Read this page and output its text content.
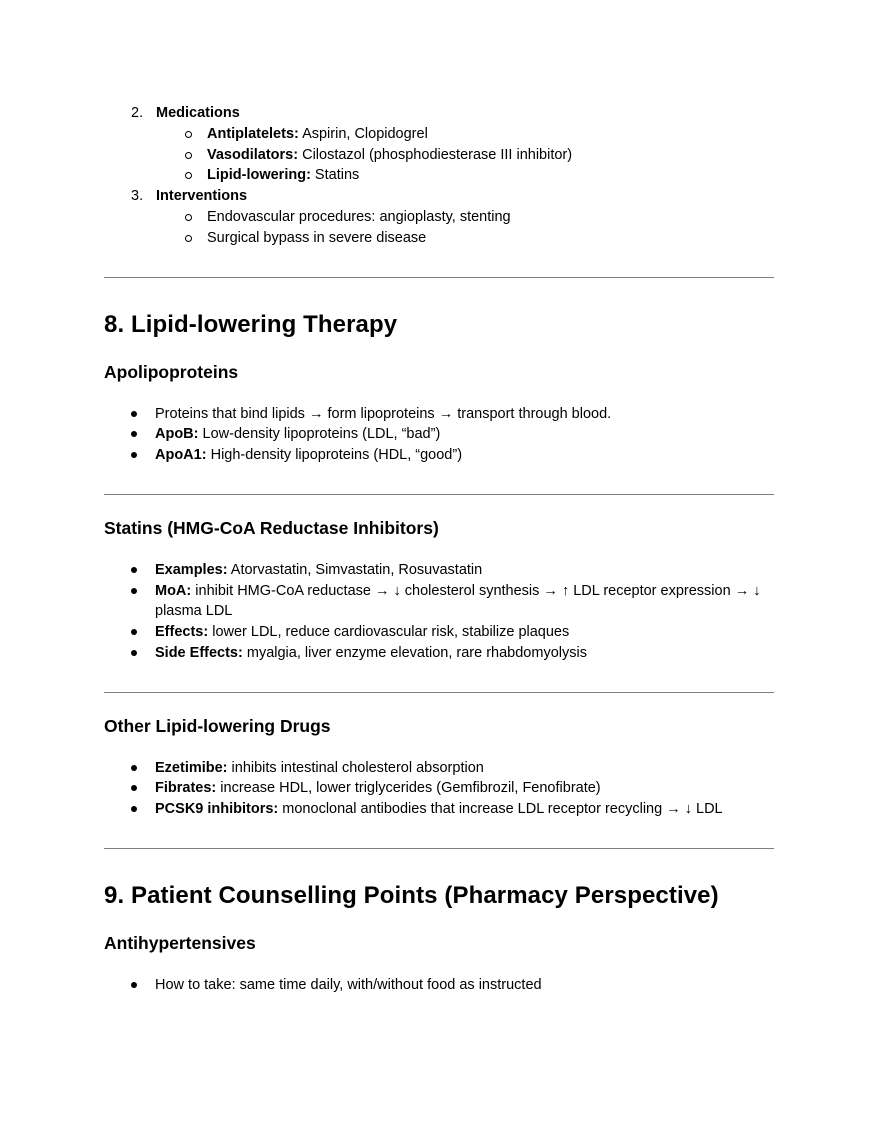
2. Medications
Antiplatelets: Aspirin, Clopidogrel
Vasodilators: Cilostazol (phosphodiesterase III inhibitor)
Lipid-lowering: Statins
3. Interventions
Endovascular procedures: angioplasty, stenting
Surgical bypass in severe disease
8. Lipid-lowering Therapy
Apolipoproteins
Proteins that bind lipids → form lipoproteins → transport through blood.
ApoB: Low-density lipoproteins (LDL, “bad”)
ApoA1: High-density lipoproteins (HDL, “good”)
Statins (HMG-CoA Reductase Inhibitors)
Examples: Atorvastatin, Simvastatin, Rosuvastatin
MoA: inhibit HMG-CoA reductase → ↓ cholesterol synthesis → ↑ LDL receptor expression → ↓ plasma LDL
Effects: lower LDL, reduce cardiovascular risk, stabilize plaques
Side Effects: myalgia, liver enzyme elevation, rare rhabdomyolysis
Other Lipid-lowering Drugs
Ezetimibe: inhibits intestinal cholesterol absorption
Fibrates: increase HDL, lower triglycerides (Gemfibrozil, Fenofibrate)
PCSK9 inhibitors: monoclonal antibodies that increase LDL receptor recycling → ↓ LDL
9. Patient Counselling Points (Pharmacy Perspective)
Antihypertensives
How to take: same time daily, with/without food as instructed
